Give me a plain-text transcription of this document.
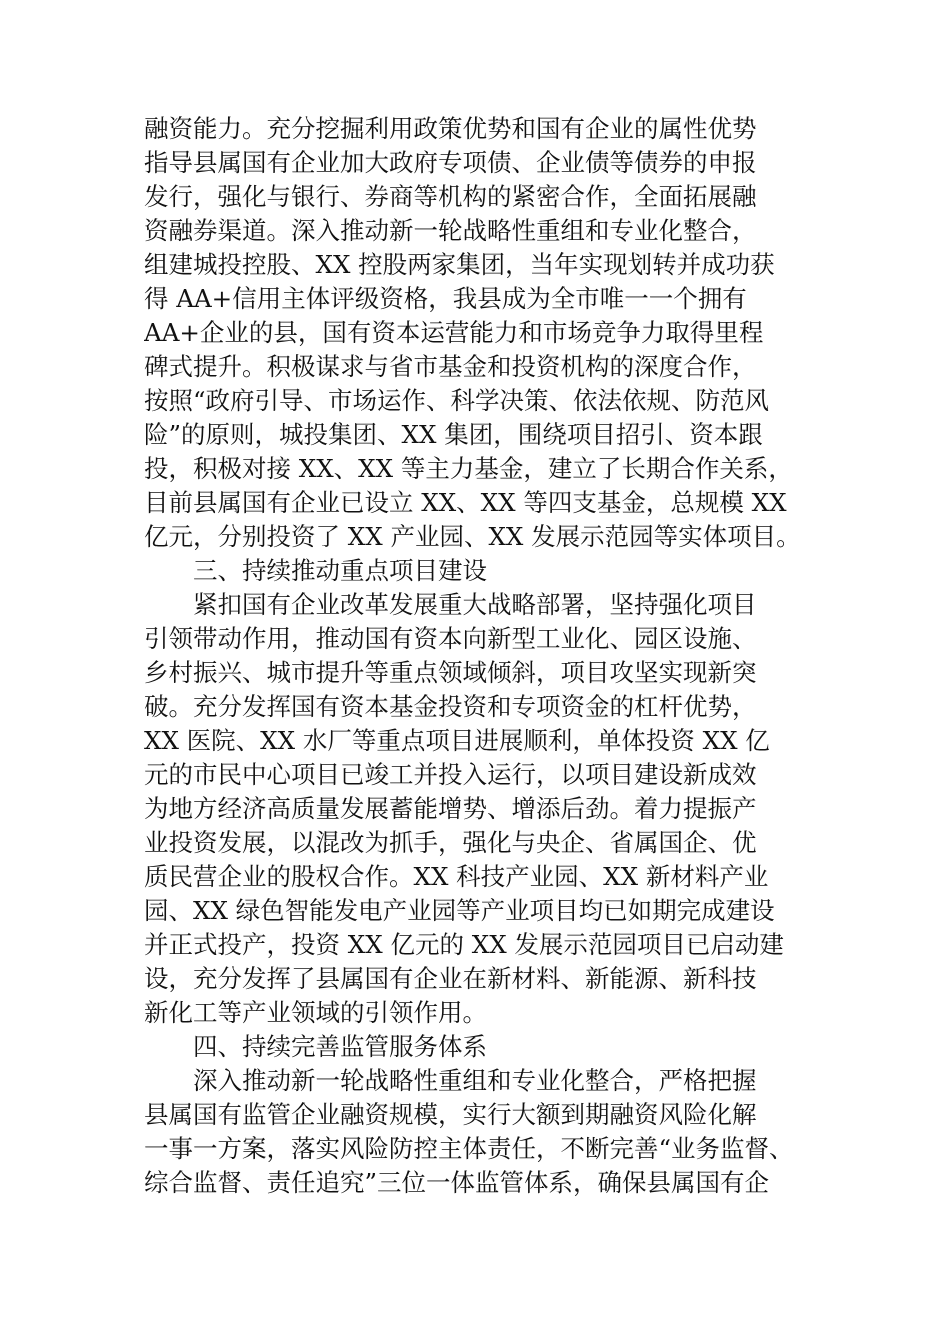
融资能力。充分挖掘利用政策优势和国有企业的属性优势
指导县属国有企业加大政府专项债、企业债等债券的申报
发行，强化与银行、券商等机构的紧密合作，全面拓展融
资融券渠道。深入推动新一轮战略性重组和专业化整合，
组建城投控股、XX 控股两家集团，当年实现划转并成功获
得 AA+信用主体评级资格，我县成为全市唯一一个拥有
AA+企业的县，国有资本运营能力和市场竞争力取得里程
碑式提升。积极谋求与省市基金和投资机构的深度合作，
按照“政府引导、市场运作、科学决策、依法依规、防范风
险”的原则，城投集团、XX 集团，围绕项目招引、资本跟
投，积极对接 XX、XX 等主力基金，建立了长期合作关系，
目前县属国有企业已设立 XX、XX 等四支基金，总规模 XX
亿元，分别投资了 XX 产业园、XX 发展示范园等实体项目。
三、持续推动重点项目建设
紧扣国有企业改革发展重大战略部署，坚持强化项目
引领带动作用，推动国有资本向新型工业化、园区设施、
乡村振兴、城市提升等重点领域倾斜，项目攻坚实现新突
破。充分发挥国有资本基金投资和专项资金的杠杆优势，
XX 医院、XX 水厂等重点项目进展顺利，单体投资 XX 亿
元的市民中心项目已竣工并投入运行，以项目建设新成效
为地方经济高质量发展蓄能增势、增添后劲。着力提振产
业投资发展，以混改为抓手，强化与央企、省属国企、优
质民营企业的股权合作。XX 科技产业园、XX 新材料产业
园、XX 绿色智能发电产业园等产业项目均已如期完成建设
并正式投产，投资 XX 亿元的 XX 发展示范园项目已启动建
设，充分发挥了县属国有企业在新材料、新能源、新科技
新化工等产业领域的引领作用。
四、持续完善监管服务体系
深入推动新一轮战略性重组和专业化整合，严格把握
县属国有监管企业融资规模，实行大额到期融资风险化解
一事一方案，落实风险防控主体责任，不断完善“业务监督、
综合监督、责任追究”三位一体监管体系，确保县属国有企
